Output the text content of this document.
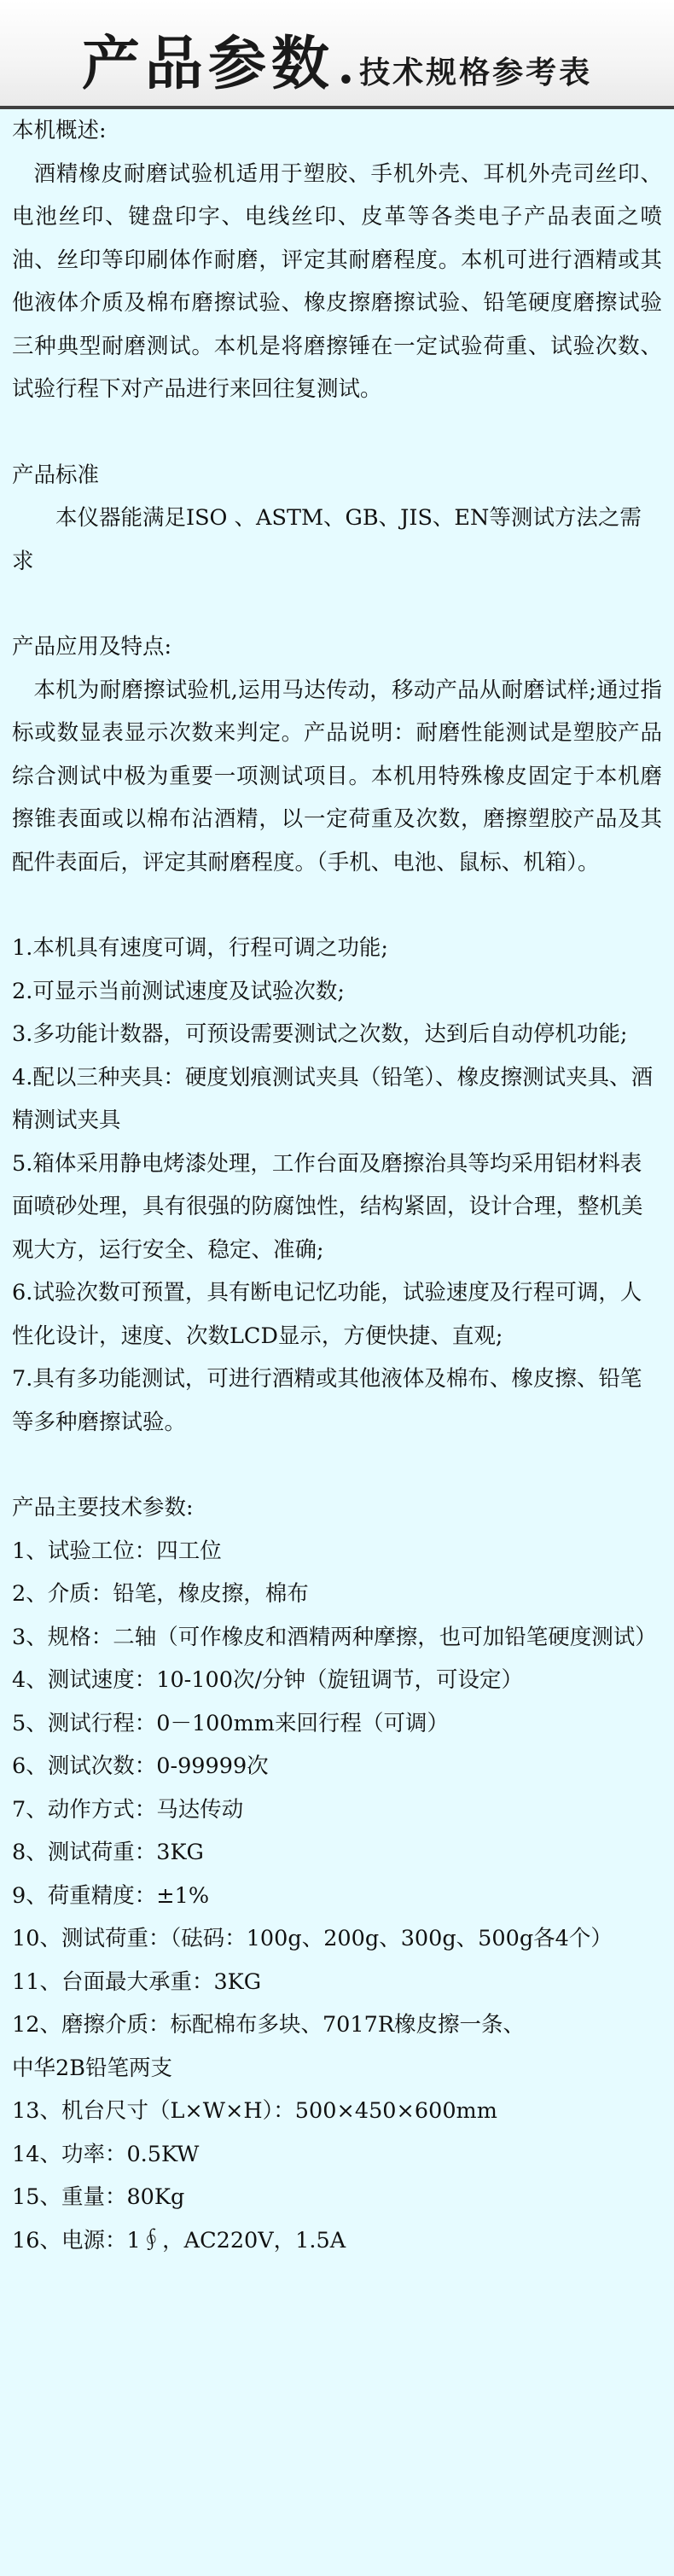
产品参数 • 技术规格参考表

本机概述:

酒精橡皮耐磨试验机适用于塑胶、手机外壳、耳机外壳司丝印、电池丝印、键盘印字、电线丝印、皮革等各类电子产品表面之喷油、丝印等印刷体作耐磨，评定其耐磨程度。本机可进行酒精或其他液体介质及棉布磨擦试验、橡皮擦磨擦试验、铅笔硬度磨擦试验三种典型耐磨测试。本机是将磨擦锤在一定试验荷重、试验次数、试验行程下对产品进行来回往复测试。

产品标准

本仪器能满足ISO 、ASTM、GB、JIS、EN等测试方法之需求

产品应用及特点:

本机为耐磨擦试验机,运用马达传动，移动产品从耐磨试样;通过指标或数显表显示次数来判定。产品说明：耐磨性能测试是塑胶产品综合测试中极为重要一项测试项目。本机用特殊橡皮固定于本机磨擦锥表面或以棉布沾酒精，以一定荷重及次数，磨擦塑胶产品及其配件表面后，评定其耐磨程度。（手机、电池、鼠标、机箱）。

1.本机具有速度可调，行程可调之功能;

2.可显示当前测试速度及试验次数;

3.多功能计数器，可预设需要测试之次数，达到后自动停机功能;

4.配以三种夹具：硬度划痕测试夹具（铅笔）、橡皮擦测试夹具、酒精测试夹具

5.箱体采用静电烤漆处理，工作台面及磨擦治具等均采用铝材料表面喷砂处理，具有很强的防腐蚀性，结构紧固，设计合理，整机美观大方，运行安全、稳定、准确;

6.试验次数可预置，具有断电记忆功能，试验速度及行程可调，人性化设计，速度、次数LCD显示，方便快捷、直观;

7.具有多功能测试，可进行酒精或其他液体及棉布、橡皮擦、铅笔等多种磨擦试验。

产品主要技术参数:

1、试验工位：四工位

2、介质：铅笔，橡皮擦，棉布

3、规格：二轴（可作橡皮和酒精两种摩擦，也可加铅笔硬度测试）

4、测试速度：10-100次/分钟（旋钮调节，可设定）

5、测试行程：0－100mm来回行程（可调）

6、测试次数：0-99999次

7、动作方式：马达传动

8、测试荷重：3KG

9、荷重精度：±1%

10、测试荷重：（砝码：100g、200g、300g、500g各4个）

11、台面最大承重：3KG

12、磨擦介质：标配棉布多块、7017R橡皮擦一条、

中华2B铅笔两支

13、机台尺寸（L×W×H）：500×450×600mm

14、功率：0.5KW

15、重量：80Kg

16、电源：1∮，AC220V，1.5A
